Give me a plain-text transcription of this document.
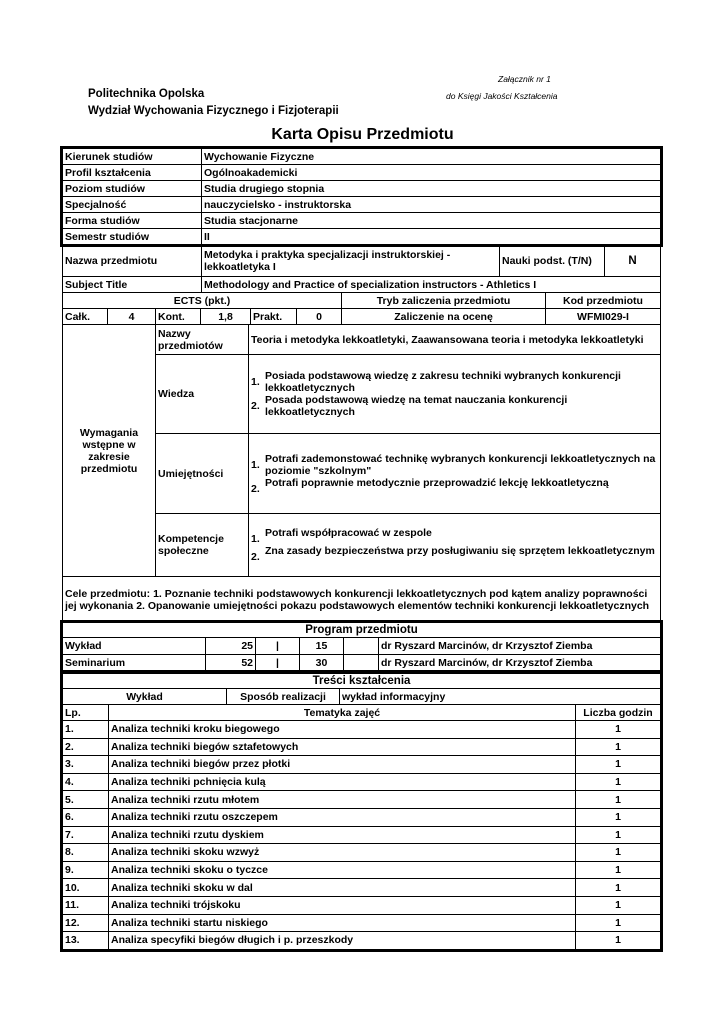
Załącznik nr 1
do Księgi Jakości Kształcenia
Politechnika Opolska
Wydział Wychowania Fizycznego i Fizjoterapii
Karta Opisu Przedmiotu
Kierunek studiów	Wychowanie Fizyczne
Profil kształcenia	Ogólnoakademicki
Poziom studiów	Studia drugiego stopnia
Specjalność	nauczycielsko - instruktorska
Forma studiów	Studia stacjonarne
Semestr studiów	II
Nazwa przedmiotu	Metodyka i praktyka specjalizacji instruktorskiej - lekkoatletyka I	Nauki podst. (T/N)	N
Subject Title	Methodology and Practice of specialization instructors - Athletics I		
ECTS (pkt.)						Tryb zaliczenia przedmiotu	Kod przedmiotu
Całk.	4	Kont.	1,8	Prakt.	0	Zaliczenie na ocenę	WFMI029-I
Wymagania wstępne w zakresie przedmiotu	Nazwy przedmiotów	Teoria i metodyka lekkoatletyki, Zaawansowana teoria i metodyka lekkoatletyki
	Wiedza	1. Posiada podstawową wiedzę z zakresu techniki wybranych konkurencji lekkoatletycznych
2. Posada podstawową wiedzę na temat nauczania konkurencji lekkoatletycznych

	Umiejętności	1. Potrafi zademonstować technikę wybranych konkurencji lekkoatletycznych na poziomie "szkolnym"
2. Potrafi poprawnie metodycznie przeprowadzić lekcję lekkoatletyczną

	Kompetencje społeczne	1. Potrafi współpracować w zespole
2. Zna zasady bezpieczeństwa przy posługiwaniu się sprzętem lekkoatletycznym

Cele przedmiotu: 1. Poznanie techniki podstawowych konkurencji lekkoatletycznych pod kątem analizy poprawności jej wykonania 2. Opanowanie umiejętności pokazu podstawowych elementów techniki konkurencji lekkoatletycznych		
Program przedmiotu					
Wykład	25	|	15		dr Ryszard Marcinów, dr Krzysztof Ziemba
Seminarium	52	|	30		dr Ryszard Marcinów, dr Krzysztof Ziemba
Treści kształcenia				
Wykład		Sposób realizacji	wykład informacyjny	
Lp.	Tematyka zajęć			Liczba godzin
1.	Analiza techniki kroku biegowego			1
2.	Analiza techniki biegów sztafetowych			1
3.	Analiza techniki biegów przez płotki			1
4.	Analiza techniki pchnięcia kulą			1
5.	Analiza techniki rzutu młotem			1
6.	Analiza techniki rzutu oszczepem			1
7.	Analiza techniki rzutu dyskiem			1
8.	Analiza techniki skoku wzwyż			1
9.	Analiza techniki skoku o tyczce			1
10.	Analiza techniki skoku w dal			1
11.	Analiza techniki trójskoku			1
12.	Analiza techniki startu niskiego			1
13.	Analiza specyfiki biegów długich i p. przeszkody			1
